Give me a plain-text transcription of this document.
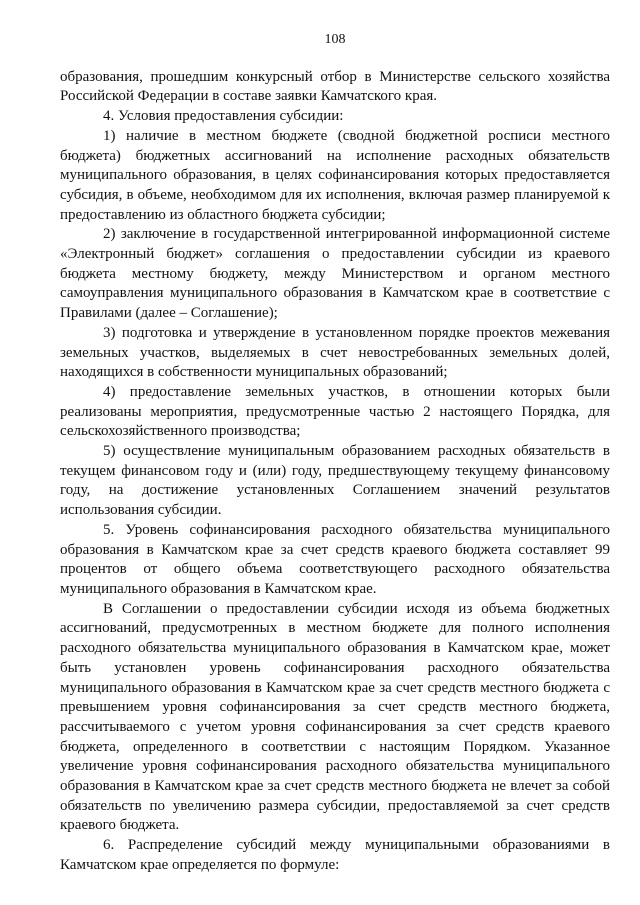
108

образования, прошедшим конкурсный отбор в Министерстве сельского хозяйства Российской Федерации в составе заявки Камчатского края.

4. Условия предоставления субсидии:

1) наличие в местном бюджете (сводной бюджетной росписи местного бюджета) бюджетных ассигнований на исполнение расходных обязательств муниципального образования, в целях софинансирования которых предоставляется субсидия, в объеме, необходимом для их исполнения, включая размер планируемой к предоставлению из областного бюджета субсидии;

2) заключение в государственной интегрированной информационной системе «Электронный бюджет» соглашения о предоставлении субсидии из краевого бюджета местному бюджету, между Министерством и органом местного самоуправления муниципального образования в Камчатском крае в соответствие с Правилами (далее – Соглашение);

3) подготовка и утверждение в установленном порядке проектов межевания земельных участков, выделяемых в счет невостребованных земельных долей, находящихся в собственности муниципальных образований;

4) предоставление земельных участков, в отношении которых были реализованы мероприятия, предусмотренные частью 2 настоящего Порядка, для сельскохозяйственного производства;

5) осуществление муниципальным образованием расходных обязательств в текущем финансовом году и (или) году, предшествующему текущему финансовому году, на достижение установленных Соглашением значений результатов использования субсидии.

5. Уровень софинансирования расходного обязательства муниципального образования в Камчатском крае за счет средств краевого бюджета составляет 99 процентов от общего объема соответствующего расходного обязательства муниципального образования в Камчатском крае.

В Соглашении о предоставлении субсидии исходя из объема бюджетных ассигнований, предусмотренных в местном бюджете для полного исполнения расходного обязательства муниципального образования в Камчатском крае, может быть установлен уровень софинансирования расходного обязательства муниципального образования в Камчатском крае за счет средств местного бюджета с превышением уровня софинансирования за счет средств местного бюджета, рассчитываемого с учетом уровня софинансирования за счет средств краевого бюджета, определенного в соответствии с настоящим Порядком. Указанное увеличение уровня софинансирования расходного обязательства муниципального образования в Камчатском крае за счет средств местного бюджета не влечет за собой обязательств по увеличению размера субсидии, предоставляемой за счет средств краевого бюджета.

6. Распределение субсидий между муниципальными образованиями в Камчатском крае определяется по формуле:
